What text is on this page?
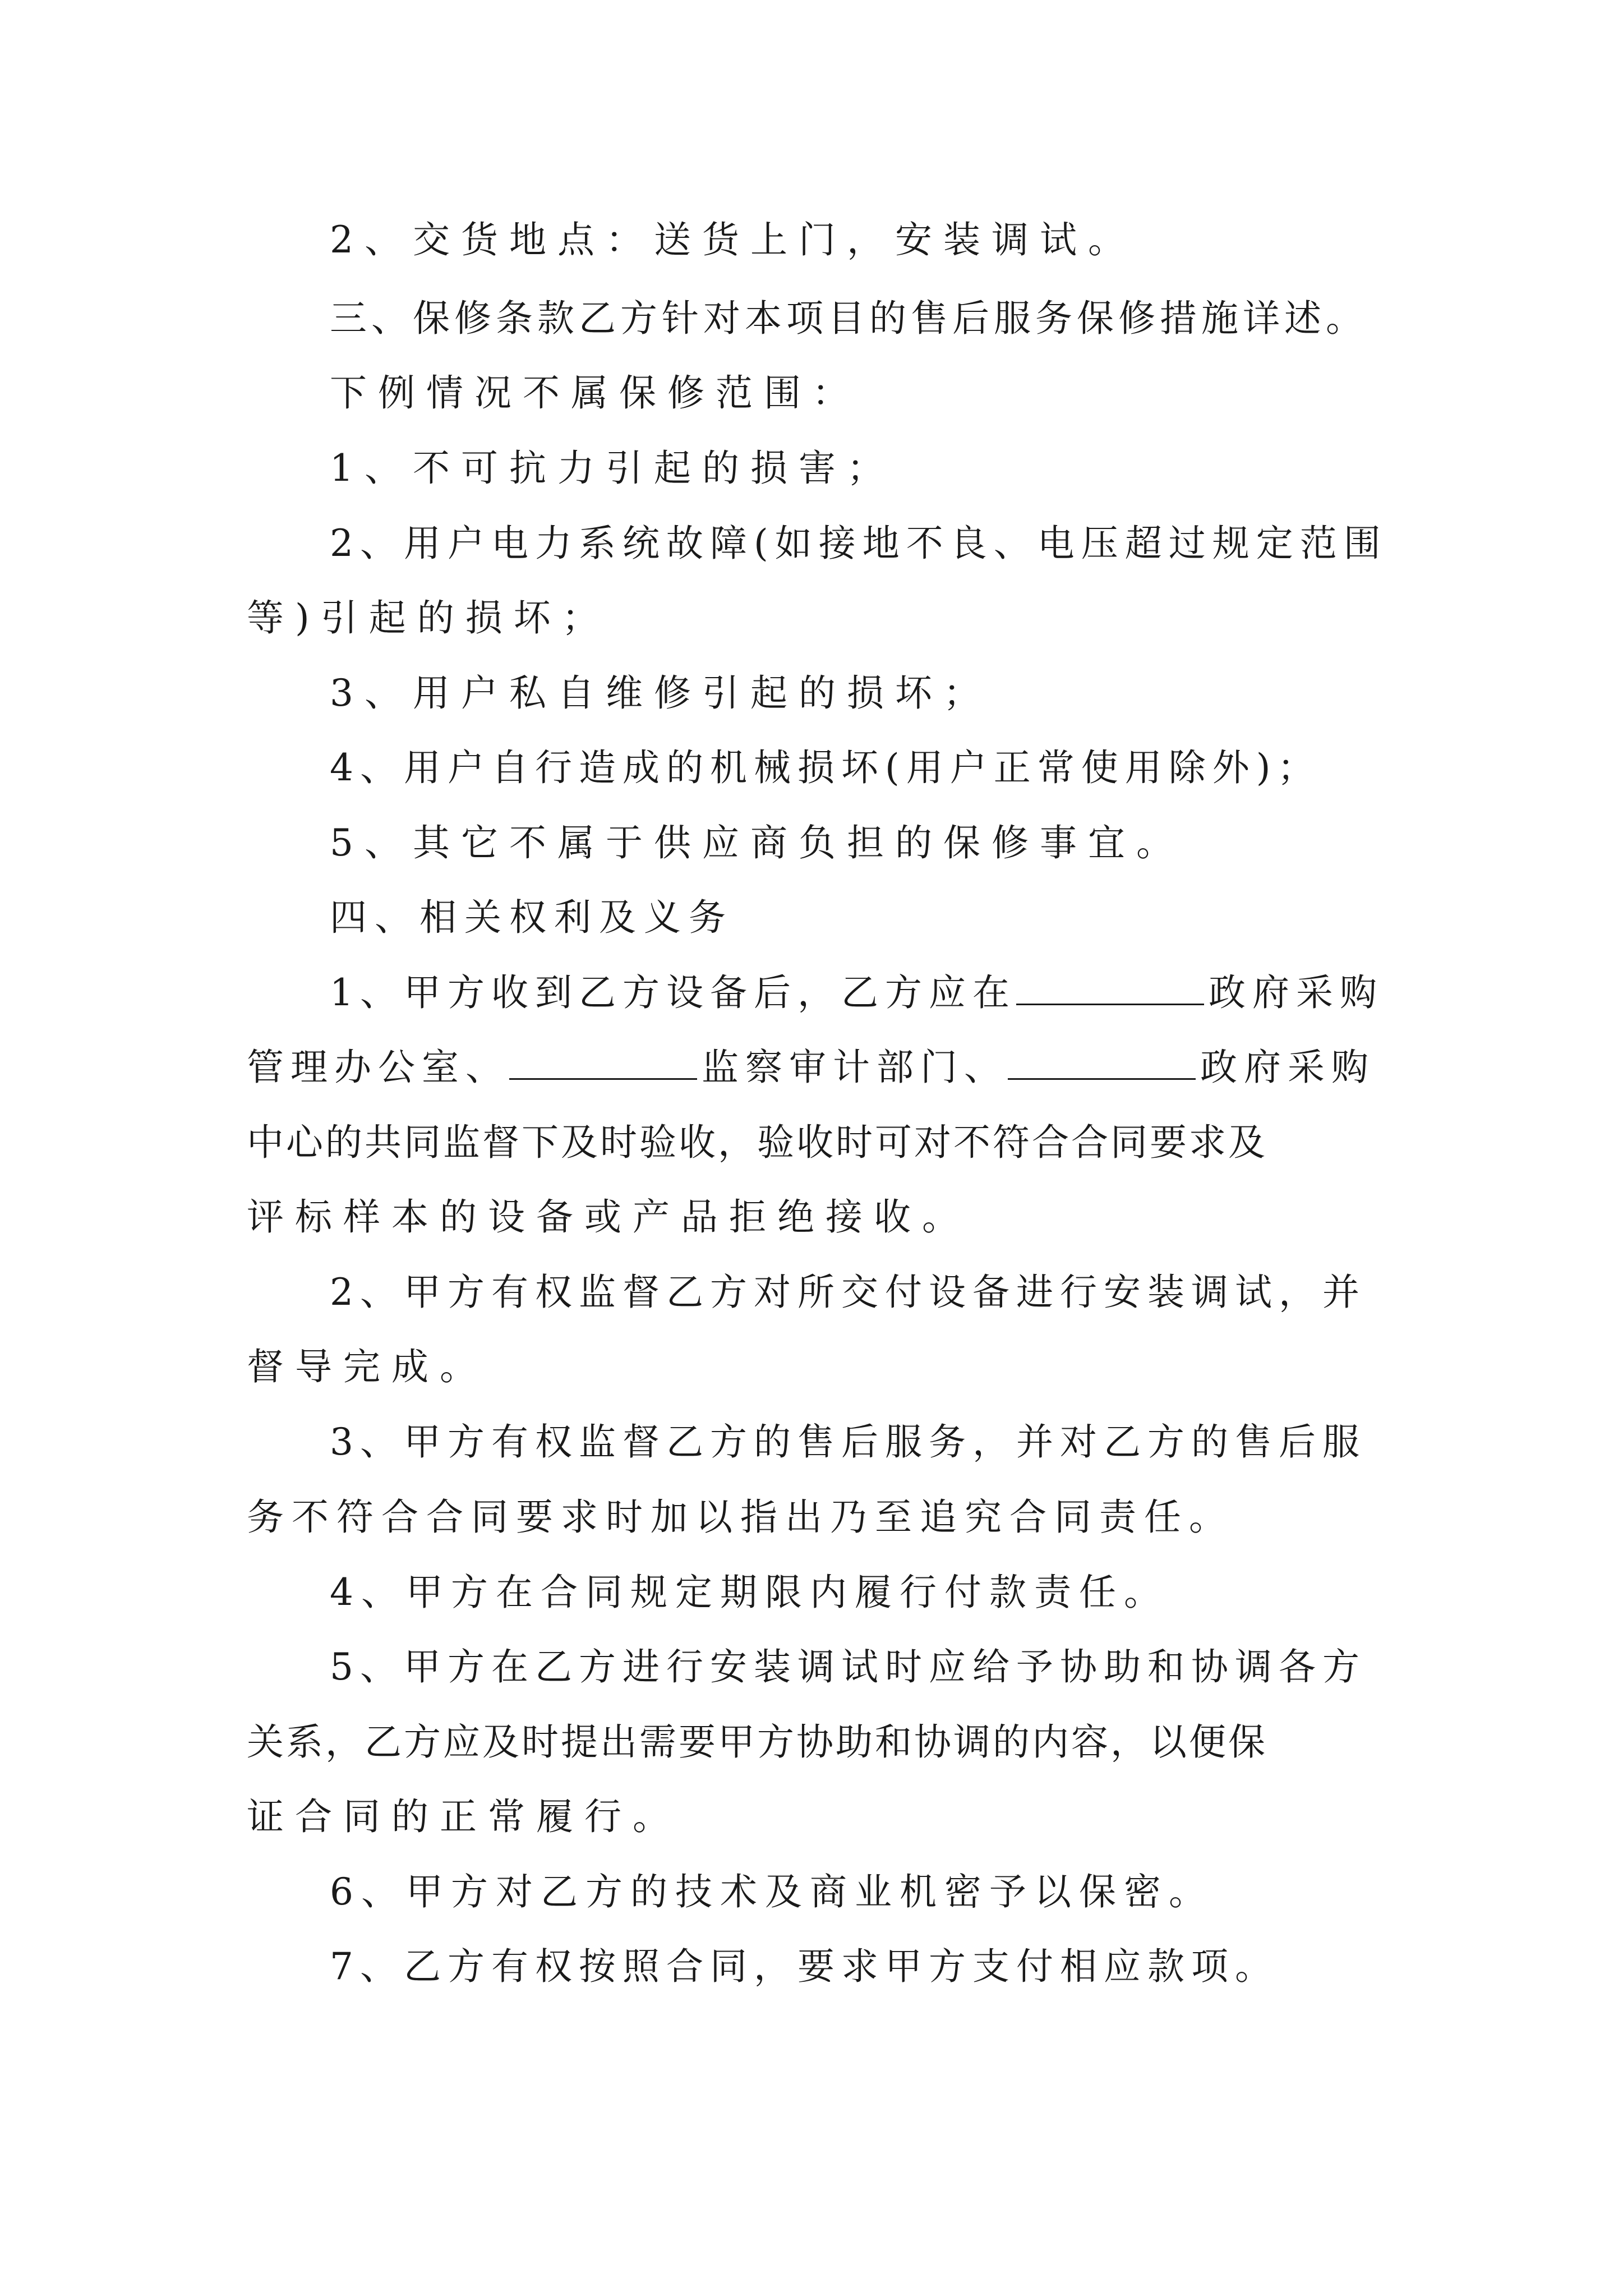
2、交货地点：送货上门，安装调试。
三、保修条款乙方针对本项目的售后服务保修措施详述。
下例情况不属保修范围：
1、不可抗力引起的损害；
2、用户电力系统故障(如接地不良、电压超过规定范围
等)引起的损坏；
3、用户私自维修引起的损坏；
4、用户自行造成的机械损坏(用户正常使用除外)；
5、其它不属于供应商负担的保修事宜。
四、相关权利及义务
1、甲方收到乙方设备后，乙方应在	政府采购
管理办公室、	监察审计部门、	政府采购
中心的共同监督下及时验收，验收时可对不符合合同要求及
评标样本的设备或产品拒绝接收。
2、甲方有权监督乙方对所交付设备进行安装调试，并
督导完成。
3、甲方有权监督乙方的售后服务，并对乙方的售后服
务不符合合同要求时加以指出乃至追究合同责任。
4、甲方在合同规定期限内履行付款责任。
5、甲方在乙方进行安装调试时应给予协助和协调各方
关系，乙方应及时提出需要甲方协助和协调的内容，以便保
证合同的正常履行。
6、甲方对乙方的技术及商业机密予以保密。
7、乙方有权按照合同，要求甲方支付相应款项。
